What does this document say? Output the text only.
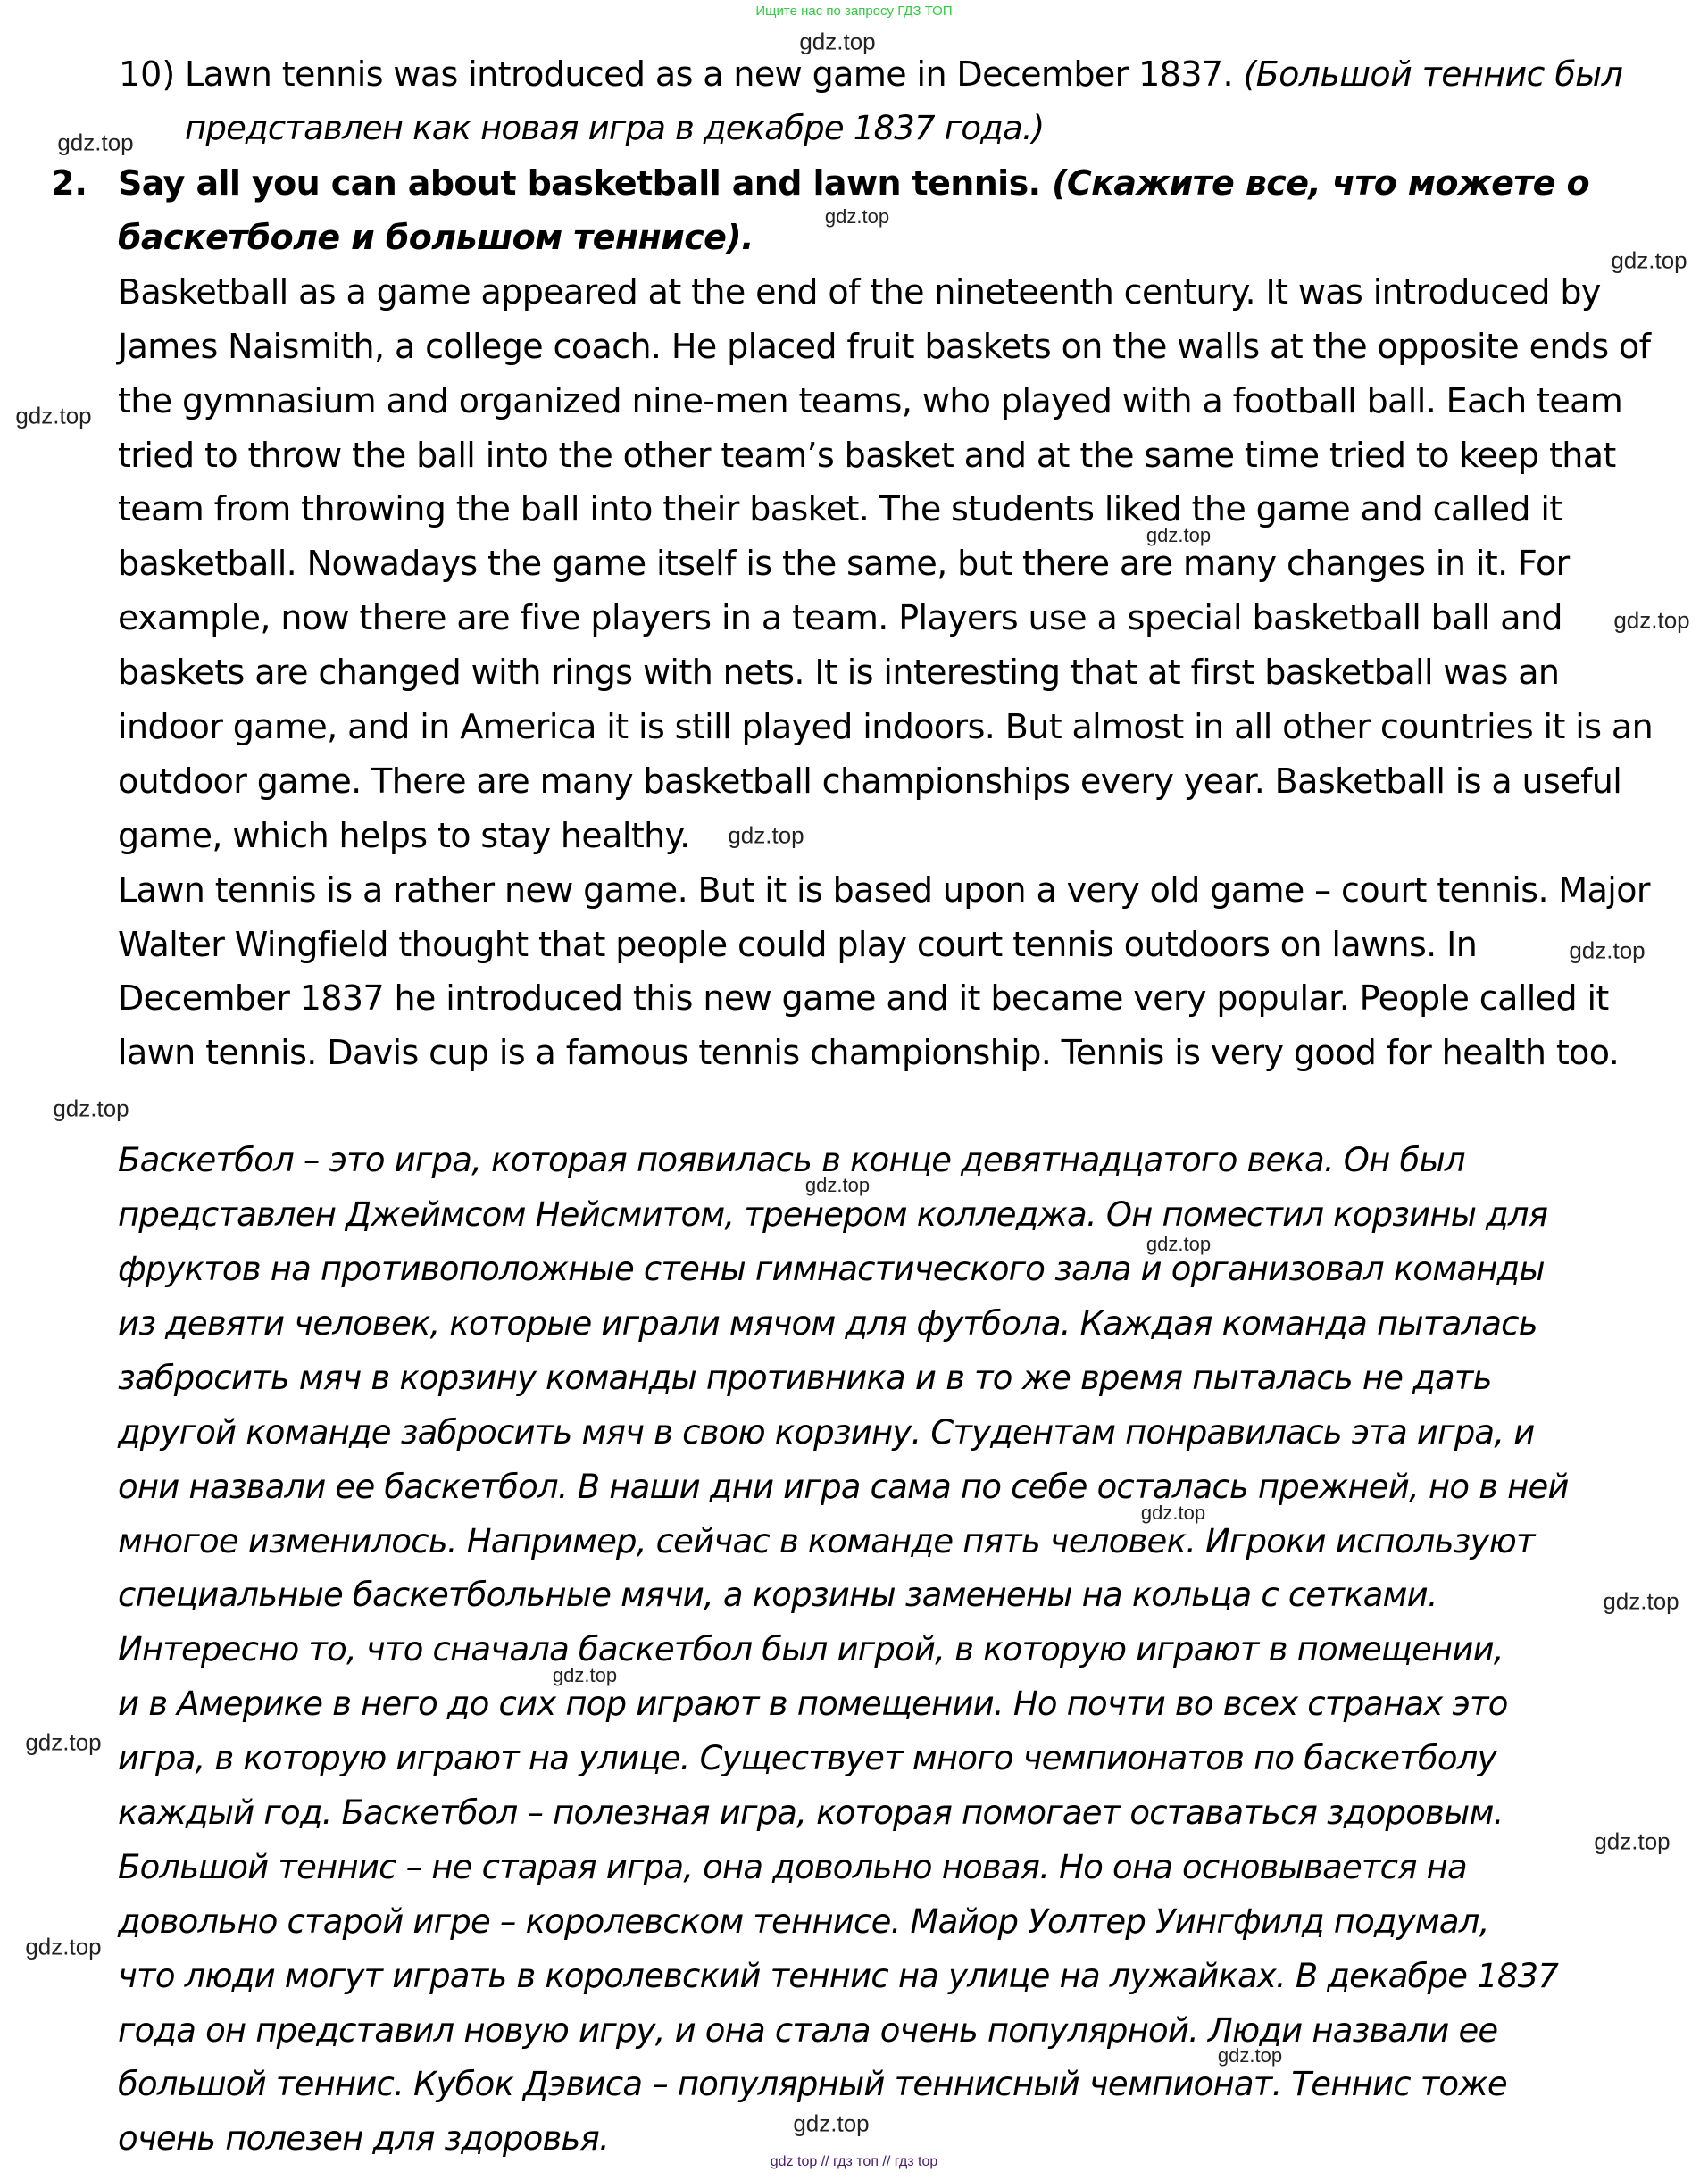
Ищите нас по запросу ГДЗ ТОП
10) Lawn tennis was introduced as a new game in December 1837. (Большой теннис был
представлен как новая игра в декабре 1837 года.)
2. Say all you can about basketball and lawn tennis. (Скажите все, что можете о
баскетболе и большом теннисе).
Basketball as a game appeared at the end of the nineteenth century. It was introduced by
James Naismith, a college coach. He placed fruit baskets on the walls at the opposite ends of
the gymnasium and organized nine-men teams, who played with a football ball. Each team
tried to throw the ball into the other team’s basket and at the same time tried to keep that
team from throwing the ball into their basket. The students liked the game and called it
basketball. Nowadays the game itself is the same, but there are many changes in it. For
example, now there are five players in a team. Players use a special basketball ball and
baskets are changed with rings with nets. It is interesting that at first basketball was an
indoor game, and in America it is still played indoors. But almost in all other countries it is an
outdoor game. There are many basketball championships every year. Basketball is a useful
game, which helps to stay healthy.
Lawn tennis is a rather new game. But it is based upon a very old game – court tennis. Major
Walter Wingfield thought that people could play court tennis outdoors on lawns. In
December 1837 he introduced this new game and it became very popular. People called it
lawn tennis. Davis cup is a famous tennis championship. Tennis is very good for health too.
Баскетбол – это игра, которая появилась в конце девятнадцатого века. Он был
представлен Джеймсом Нейсмитом, тренером колледжа. Он поместил корзины для
фруктов на противоположные стены гимнастического зала и организовал команды
из девяти человек, которые играли мячом для футбола. Каждая команда пыталась
забросить мяч в корзину команды противника и в то же время пыталась не дать
другой команде забросить мяч в свою корзину. Студентам понравилась эта игра, и
они назвали ее баскетбол. В наши дни игра сама по себе осталась прежней, но в ней
многое изменилось. Например, сейчас в команде пять человек. Игроки используют
специальные баскетбольные мячи, а корзины заменены на кольца с сетками.
Интересно то, что сначала баскетбол был игрой, в которую играют в помещении,
и в Америке в него до сих пор играют в помещении. Но почти во всех странах это
игра, в которую играют на улице. Существует много чемпионатов по баскетболу
каждый год. Баскетбол – полезная игра, которая помогает оставаться здоровым.
Большой теннис – не старая игра, она довольно новая. Но она основывается на
довольно старой игре – королевском теннисе. Майор Уолтер Уингфилд подумал,
что люди могут играть в королевский теннис на улице на лужайках. В декабре 1837
года он представил новую игру, и она стала очень популярной. Люди назвали ее
большой теннис. Кубок Дэвиса – популярный теннисный чемпионат. Теннис тоже
очень полезен для здоровья.
gdz.top
gdz.top
gdz.top
gdz.top
gdz.top
gdz.top
gdz.top
gdz.top
gdz.top
gdz.top
gdz.top
gdz.top
gdz.top
gdz.top
gdz.top
gdz.top
gdz.top
gdz.top
gdz.top
gdz.top
gdz top // гдз топ // гдз top
